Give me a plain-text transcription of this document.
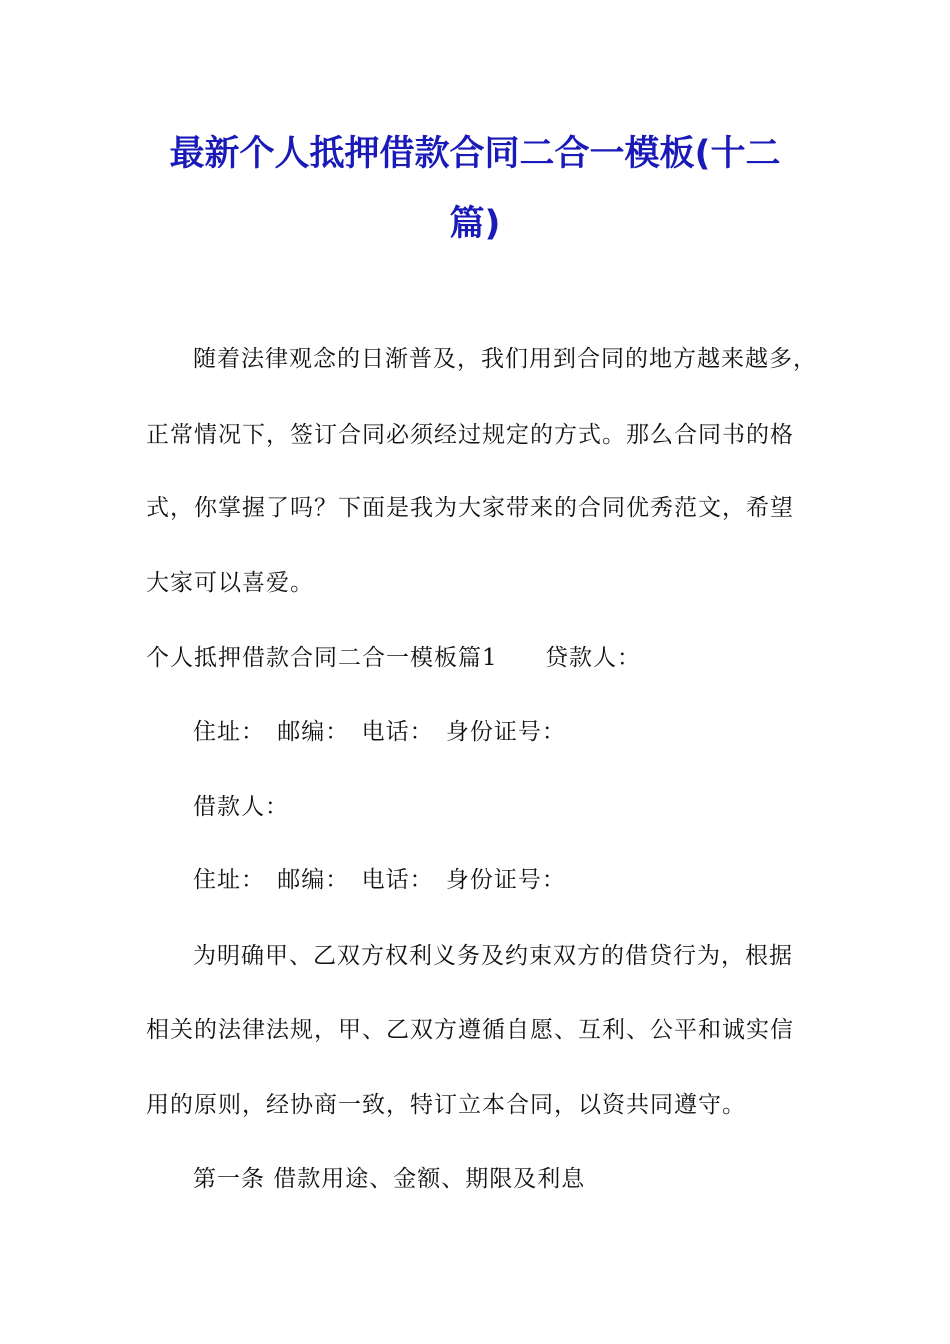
最新个人抵押借款合同二合一模板(十二
篇)
随着法律观念的日渐普及，我们用到合同的地方越来越多，
正常情况下，签订合同必须经过规定的方式。那么合同书的格
式，你掌握了吗？下面是我为大家带来的合同优秀范文，希望
大家可以喜爱。
个人抵押借款合同二合一模板篇1 贷款人：
住址： 邮编： 电话： 身份证号：
借款人：
住址： 邮编： 电话： 身份证号：
为明确甲、乙双方权利义务及约束双方的借贷行为，根据
相关的法律法规，甲、乙双方遵循自愿、互利、公平和诚实信
用的原则，经协商一致，特订立本合同，以资共同遵守。
第一条 借款用途、金额、期限及利息
